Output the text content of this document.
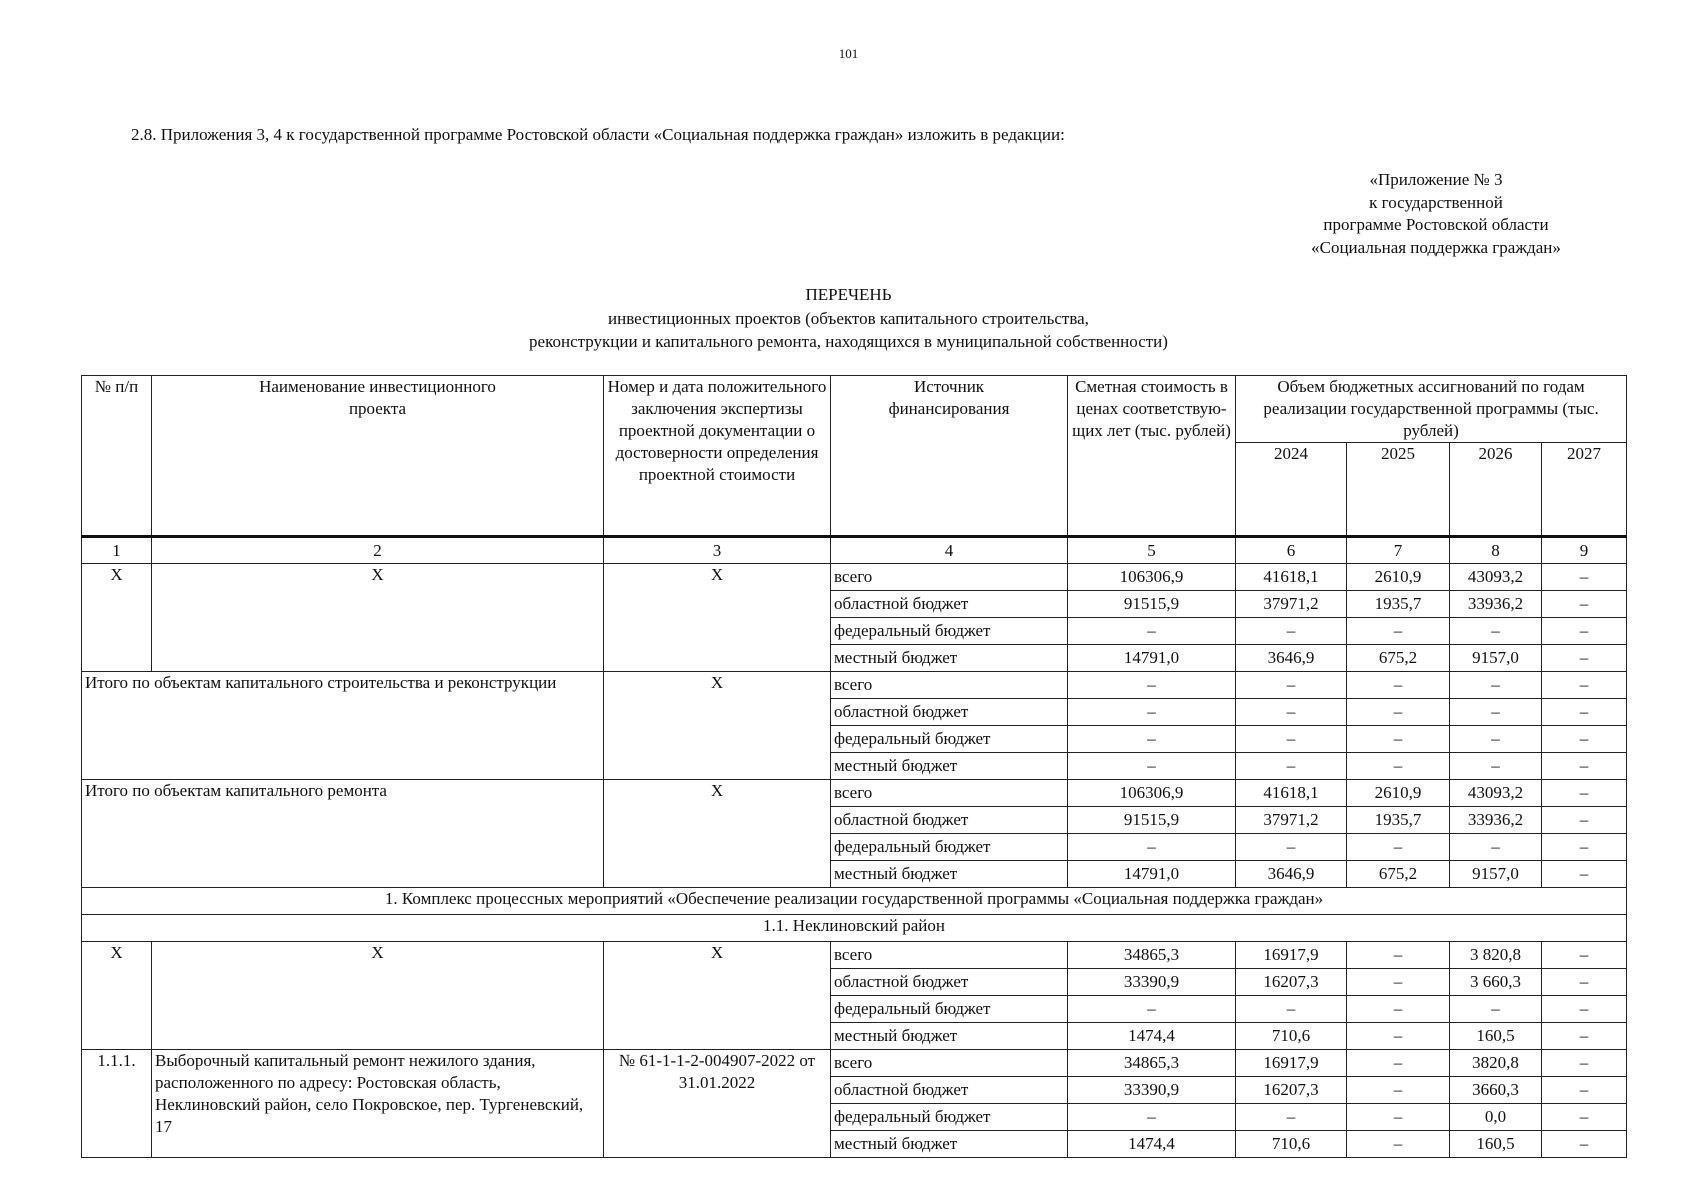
101
2.8. Приложения 3, 4 к государственной программе Ростовской области «Социальная поддержка граждан» изложить в редакции:
«Приложение № 3
к государственной
программе Ростовской области
«Социальная поддержка граждан»
ПЕРЕЧЕНЬ
инвестиционных проектов (объектов капитального строительства,
реконструкции и капитального ремонта, находящихся в муниципальной собственности)
№ п/п	Наименование инвестиционного проекта	Номер и дата положительного заключения экспертизы проектной документации о достоверности определения проектной стоимости	Источник финансирования	Сметная стоимость в ценах соответствую-щих лет (тыс. рублей)	Объем бюджетных ассигнований по годам реализации государственной программы (тыс. рублей)			
					2024	2025	2026	2027
1	2	3	4	5	6	7	8	9
Х	Х	Х	всего	106306,9	41618,1	2610,9	43093,2	–
			областной бюджет	91515,9	37971,2	1935,7	33936,2	–
			федеральный бюджет	–	–	–	–	–
			местный бюджет	14791,0	3646,9	675,2	9157,0	–
Итого по объектам капитального строительства и реконструкции		Х	всего	–	–	–	–	–
			областной бюджет	–	–	–	–	–
			федеральный бюджет	–	–	–	–	–
			местный бюджет	–	–	–	–	–
Итого по объектам капитального ремонта		Х	всего	106306,9	41618,1	2610,9	43093,2	–
			областной бюджет	91515,9	37971,2	1935,7	33936,2	–
			федеральный бюджет	–	–	–	–	–
			местный бюджет	14791,0	3646,9	675,2	9157,0	–
1. Комплекс процессных мероприятий «Обеспечение реализации государственной программы «Социальная поддержка граждан»								
1.1. Неклиновский район								
Х	Х	Х	всего	34865,3	16917,9	–	3 820,8	–
			областной бюджет	33390,9	16207,3	–	3 660,3	–
			федеральный бюджет	–	–	–	–	–
			местный бюджет	1474,4	710,6	–	160,5	–
1.1.1.	Выборочный капитальный ремонт нежилого здания, расположенного по адресу: Ростовская область, Неклиновский район, село Покровское, пер. Тургеневский, 17	№ 61-1-1-2-004907-2022 от 31.01.2022	всего	34865,3	16917,9	–	3820,8	–
			областной бюджет	33390,9	16207,3	–	3660,3	–
			федеральный бюджет	–	–	–	0,0	–
			местный бюджет	1474,4	710,6	–	160,5	–
